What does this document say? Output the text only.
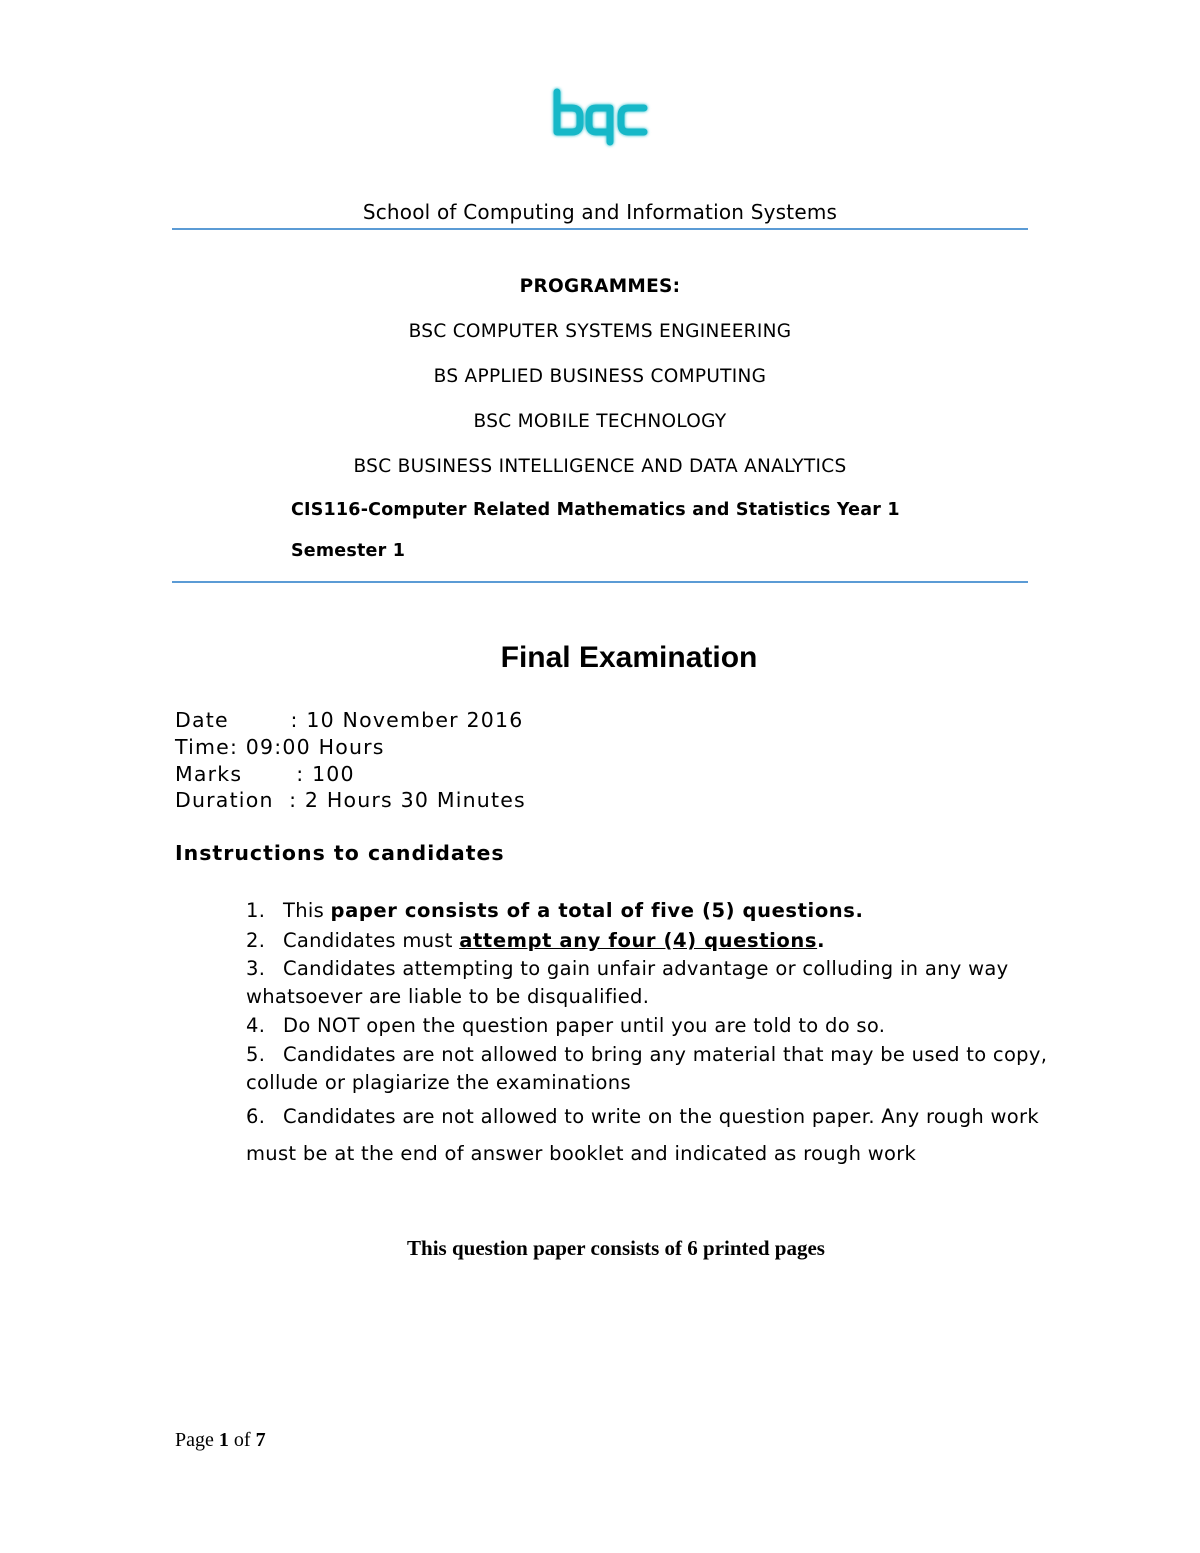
School of Computing and Information Systems
PROGRAMMES:
BSC COMPUTER SYSTEMS ENGINEERING
BS APPLIED BUSINESS COMPUTING
BSC MOBILE TECHNOLOGY
BSC BUSINESS INTELLIGENCE AND DATA ANALYTICS
CIS116-Computer Related Mathematics and Statistics Year 1
Semester 1
Final Examination
Date        : 10 November 2016
Time: 09:00 Hours
Marks       : 100
Duration  : 2 Hours 30 Minutes
Instructions to candidates
1. This paper consists of a total of five (5) questions.
2. Candidates must attempt any four (4) questions.
3. Candidates attempting to gain unfair advantage or colluding in any way whatsoever are liable to be disqualified.
4. Do NOT open the question paper until you are told to do so.
5. Candidates are not allowed to bring any material that may be used to copy, collude or plagiarize the examinations
6. Candidates are not allowed to write on the question paper. Any rough work must be at the end of answer booklet and indicated as rough work
This question paper consists of 6 printed pages
Page 1 of 7
